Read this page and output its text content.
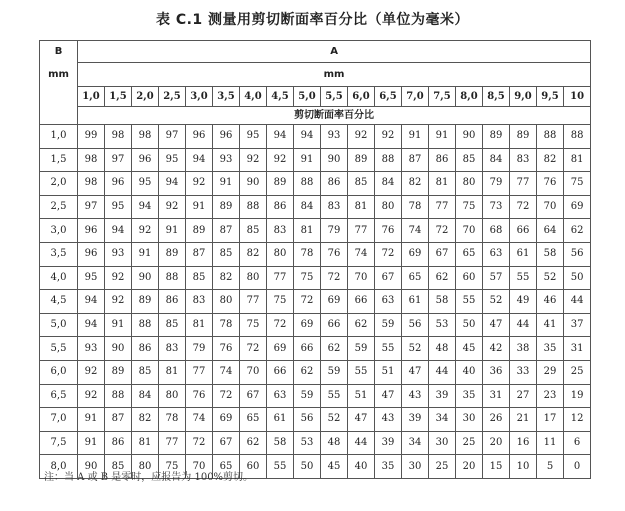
表 C.1 测量用剪切断面率百分比（单位为毫米）
B	A																		
mm	mm																		
	1,0	1,5	2,0	2,5	3,0	3,5	4,0	4,5	5,0	5,5	6,0	6,5	7,0	7,5	8,0	8,5	9,0	9,5	10
	剪切断面率百分比																		
1,0	99	98	98	97	96	96	95	94	94	93	92	92	91	91	90	89	89	88	88
1,5	98	97	96	95	94	93	92	92	91	90	89	88	87	86	85	84	83	82	81
2,0	98	96	95	94	92	91	90	89	88	86	85	84	82	81	80	79	77	76	75
2,5	97	95	94	92	91	89	88	86	84	83	81	80	78	77	75	73	72	70	69
3,0	96	94	92	91	89	87	85	83	81	79	77	76	74	72	70	68	66	64	62
3,5	96	93	91	89	87	85	82	80	78	76	74	72	69	67	65	63	61	58	56
4,0	95	92	90	88	85	82	80	77	75	72	70	67	65	62	60	57	55	52	50
4,5	94	92	89	86	83	80	77	75	72	69	66	63	61	58	55	52	49	46	44
5,0	94	91	88	85	81	78	75	72	69	66	62	59	56	53	50	47	44	41	37
5,5	93	90	86	83	79	76	72	69	66	62	59	55	52	48	45	42	38	35	31
6,0	92	89	85	81	77	74	70	66	62	59	55	51	47	44	40	36	33	29	25
6,5	92	88	84	80	76	72	67	63	59	55	51	47	43	39	35	31	27	23	19
7,0	91	87	82	78	74	69	65	61	56	52	47	43	39	34	30	26	21	17	12
7,5	91	86	81	77	72	67	62	58	53	48	44	39	34	30	25	20	16	11	6
8,0	90	85	80	75	70	65	60	55	50	45	40	35	30	25	20	15	10	5	0
注：当 A 或 B 是零时，应报告为 100%剪切。
